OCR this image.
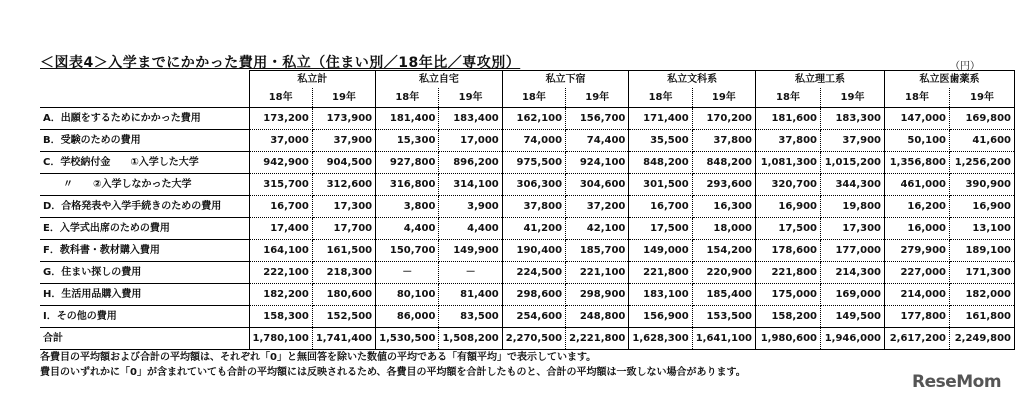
＜図表4＞入学までにかかった費用・私立（住まい別／18年比／専攻別）	（円）
	私立計		私立自宅		私立下宿		私立文科系		私立理工系		私立医歯薬系	
	18年	19年	18年	19年	18年	19年	18年	19年	18年	19年	18年	19年
A．出願をするためにかかった費用	173,200	173,900	181,400	183,400	162,100	156,700	171,400	170,200	181,600	183,300	147,000	169,800
B．受験のための費用	37,000	37,900	15,300	17,000	74,000	74,400	35,500	37,800	37,800	37,900	50,100	41,600
C．学校納付金　　①入学した大学	942,900	904,500	927,800	896,200	975,500	924,100	848,200	848,200	1,081,300	1,015,200	1,356,800	1,256,200
　　〃　　②入学しなかった大学	315,700	312,600	316,800	314,100	306,300	304,600	301,500	293,600	320,700	344,300	461,000	390,900
D．合格発表や入学手続きのための費用	16,700	17,300	3,800	3,900	37,800	37,200	16,700	16,300	16,900	19,800	16,200	16,900
E．入学式出席のための費用	17,400	17,700	4,400	4,400	41,200	42,100	17,500	18,000	17,500	17,300	16,000	13,100
F．教科書・教材購入費用	164,100	161,500	150,700	149,900	190,400	185,700	149,000	154,200	178,600	177,000	279,900	189,100
G．住まい探しの費用	222,100	218,300	－	－	224,500	221,100	221,800	220,900	221,800	214,300	227,000	171,300
H．生活用品購入費用	182,200	180,600	80,100	81,400	298,600	298,900	183,100	185,400	175,000	169,000	214,000	182,000
I．その他の費用	158,300	152,500	86,000	83,500	254,600	248,800	156,900	153,500	158,200	149,500	177,800	161,800
合計	1,780,100	1,741,400	1,530,500	1,508,200	2,270,500	2,221,800	1,628,300	1,641,100	1,980,600	1,946,000	2,617,200	2,249,800
各費目の平均額および合計の平均額は、それぞれ「0」と無回答を除いた数値の平均である「有額平均」で表示しています。
費目のいずれかに「0」が含まれていても合計の平均額には反映されるため、各費目の平均額を合計したものと、合計の平均額は一致しない場合があります。	ReseMom
